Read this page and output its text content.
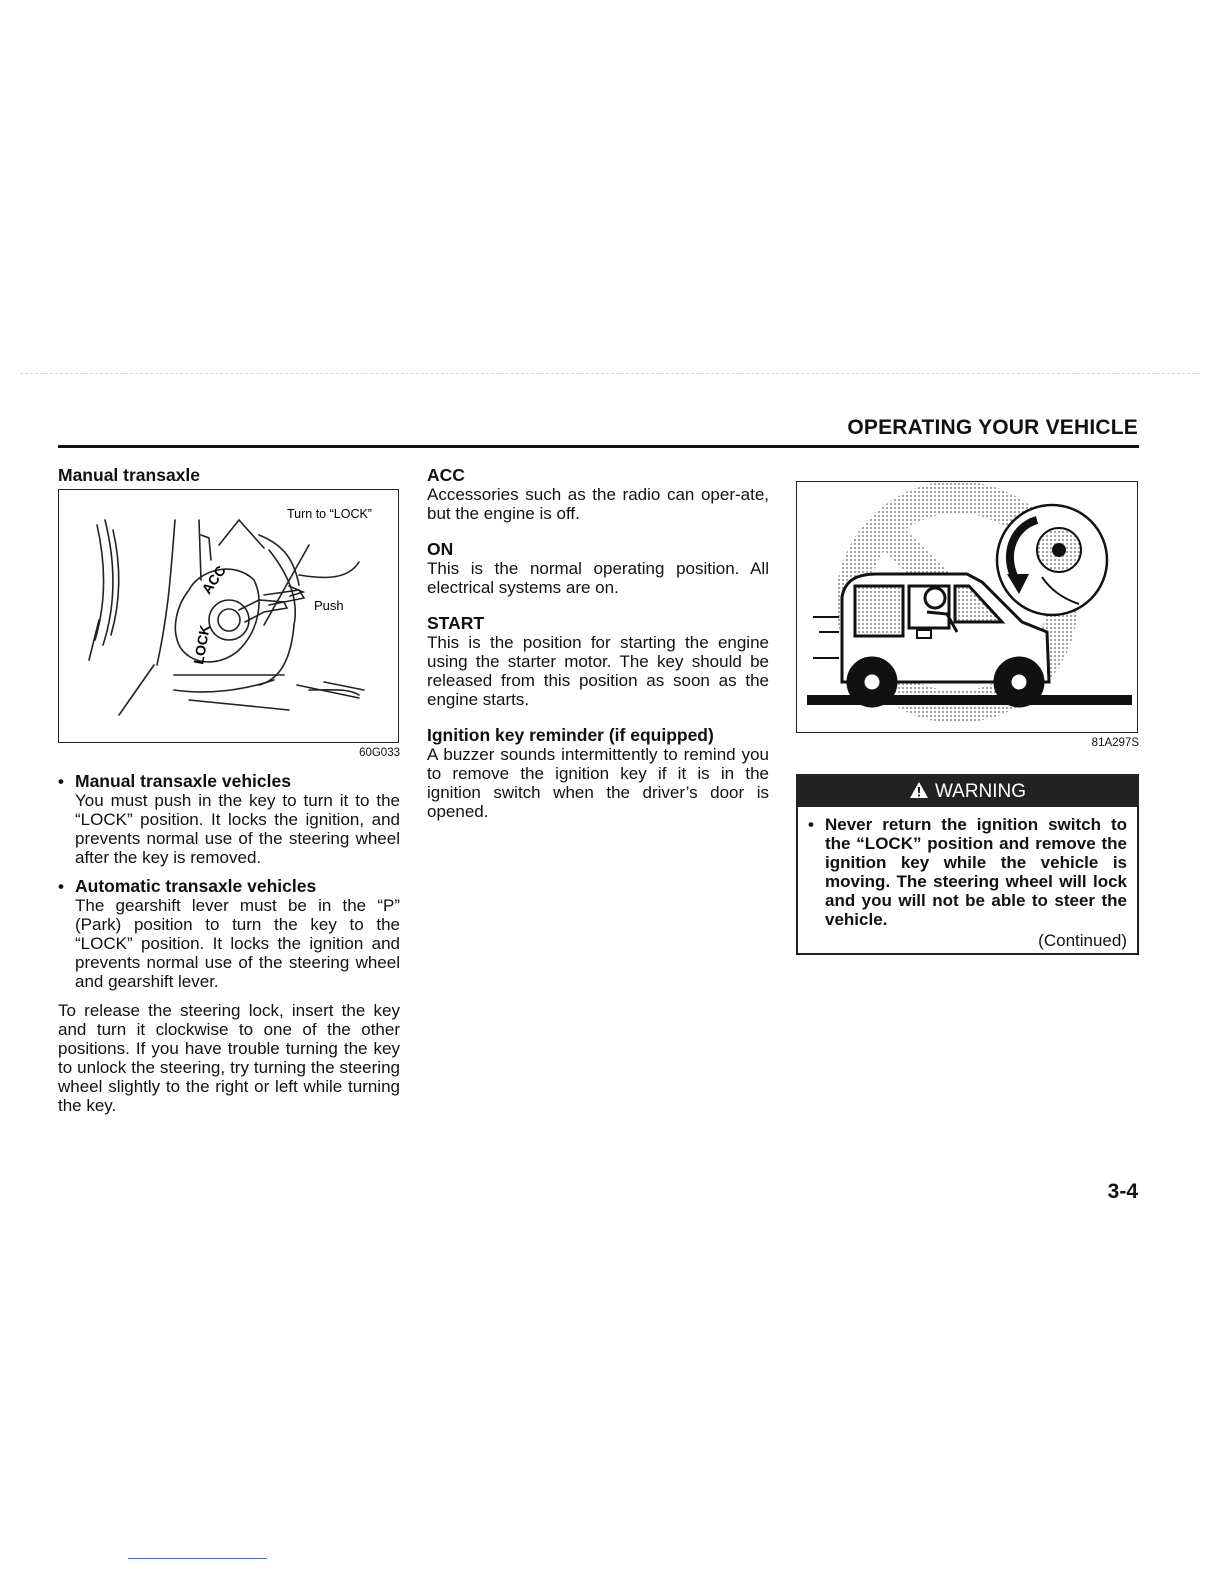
OPERATING YOUR VEHICLE
Manual transaxle
Turn to “LOCK”
Push
ACC
LOCK
60G033
• Manual transaxle vehicles

You must push in the key to turn it to the “LOCK” position. It locks the ignition, and prevents normal use of the steering wheel after the key is removed.

• Automatic transaxle vehicles

The gearshift lever must be in the “P” (Park) position to turn the key to the “LOCK” position. It locks the ignition and prevents normal use of the steering wheel and gearshift lever.

To release the steering lock, insert the key and turn it clockwise to one of the other positions. If you have trouble turning the key to unlock the steering, try turning the steering wheel slightly to the right or left while turning the key.

ACC

Accessories such as the radio can oper-ate, but the engine is off.

ON

This is the normal operating position. All electrical systems are on.

START

This is the position for starting the engine using the starter motor. The key should be released from this position as soon as the engine starts.

Ignition key reminder (if equipped)

A buzzer sounds intermittently to remind you to remove the ignition key if it is in the ignition switch when the driver’s door is opened.

81A297S
WARNING
• Never return the ignition switch to the “LOCK” position and remove the ignition key while the vehicle is moving. The steering wheel will lock and you will not be able to steer the vehicle.
(Continued)
3-4
